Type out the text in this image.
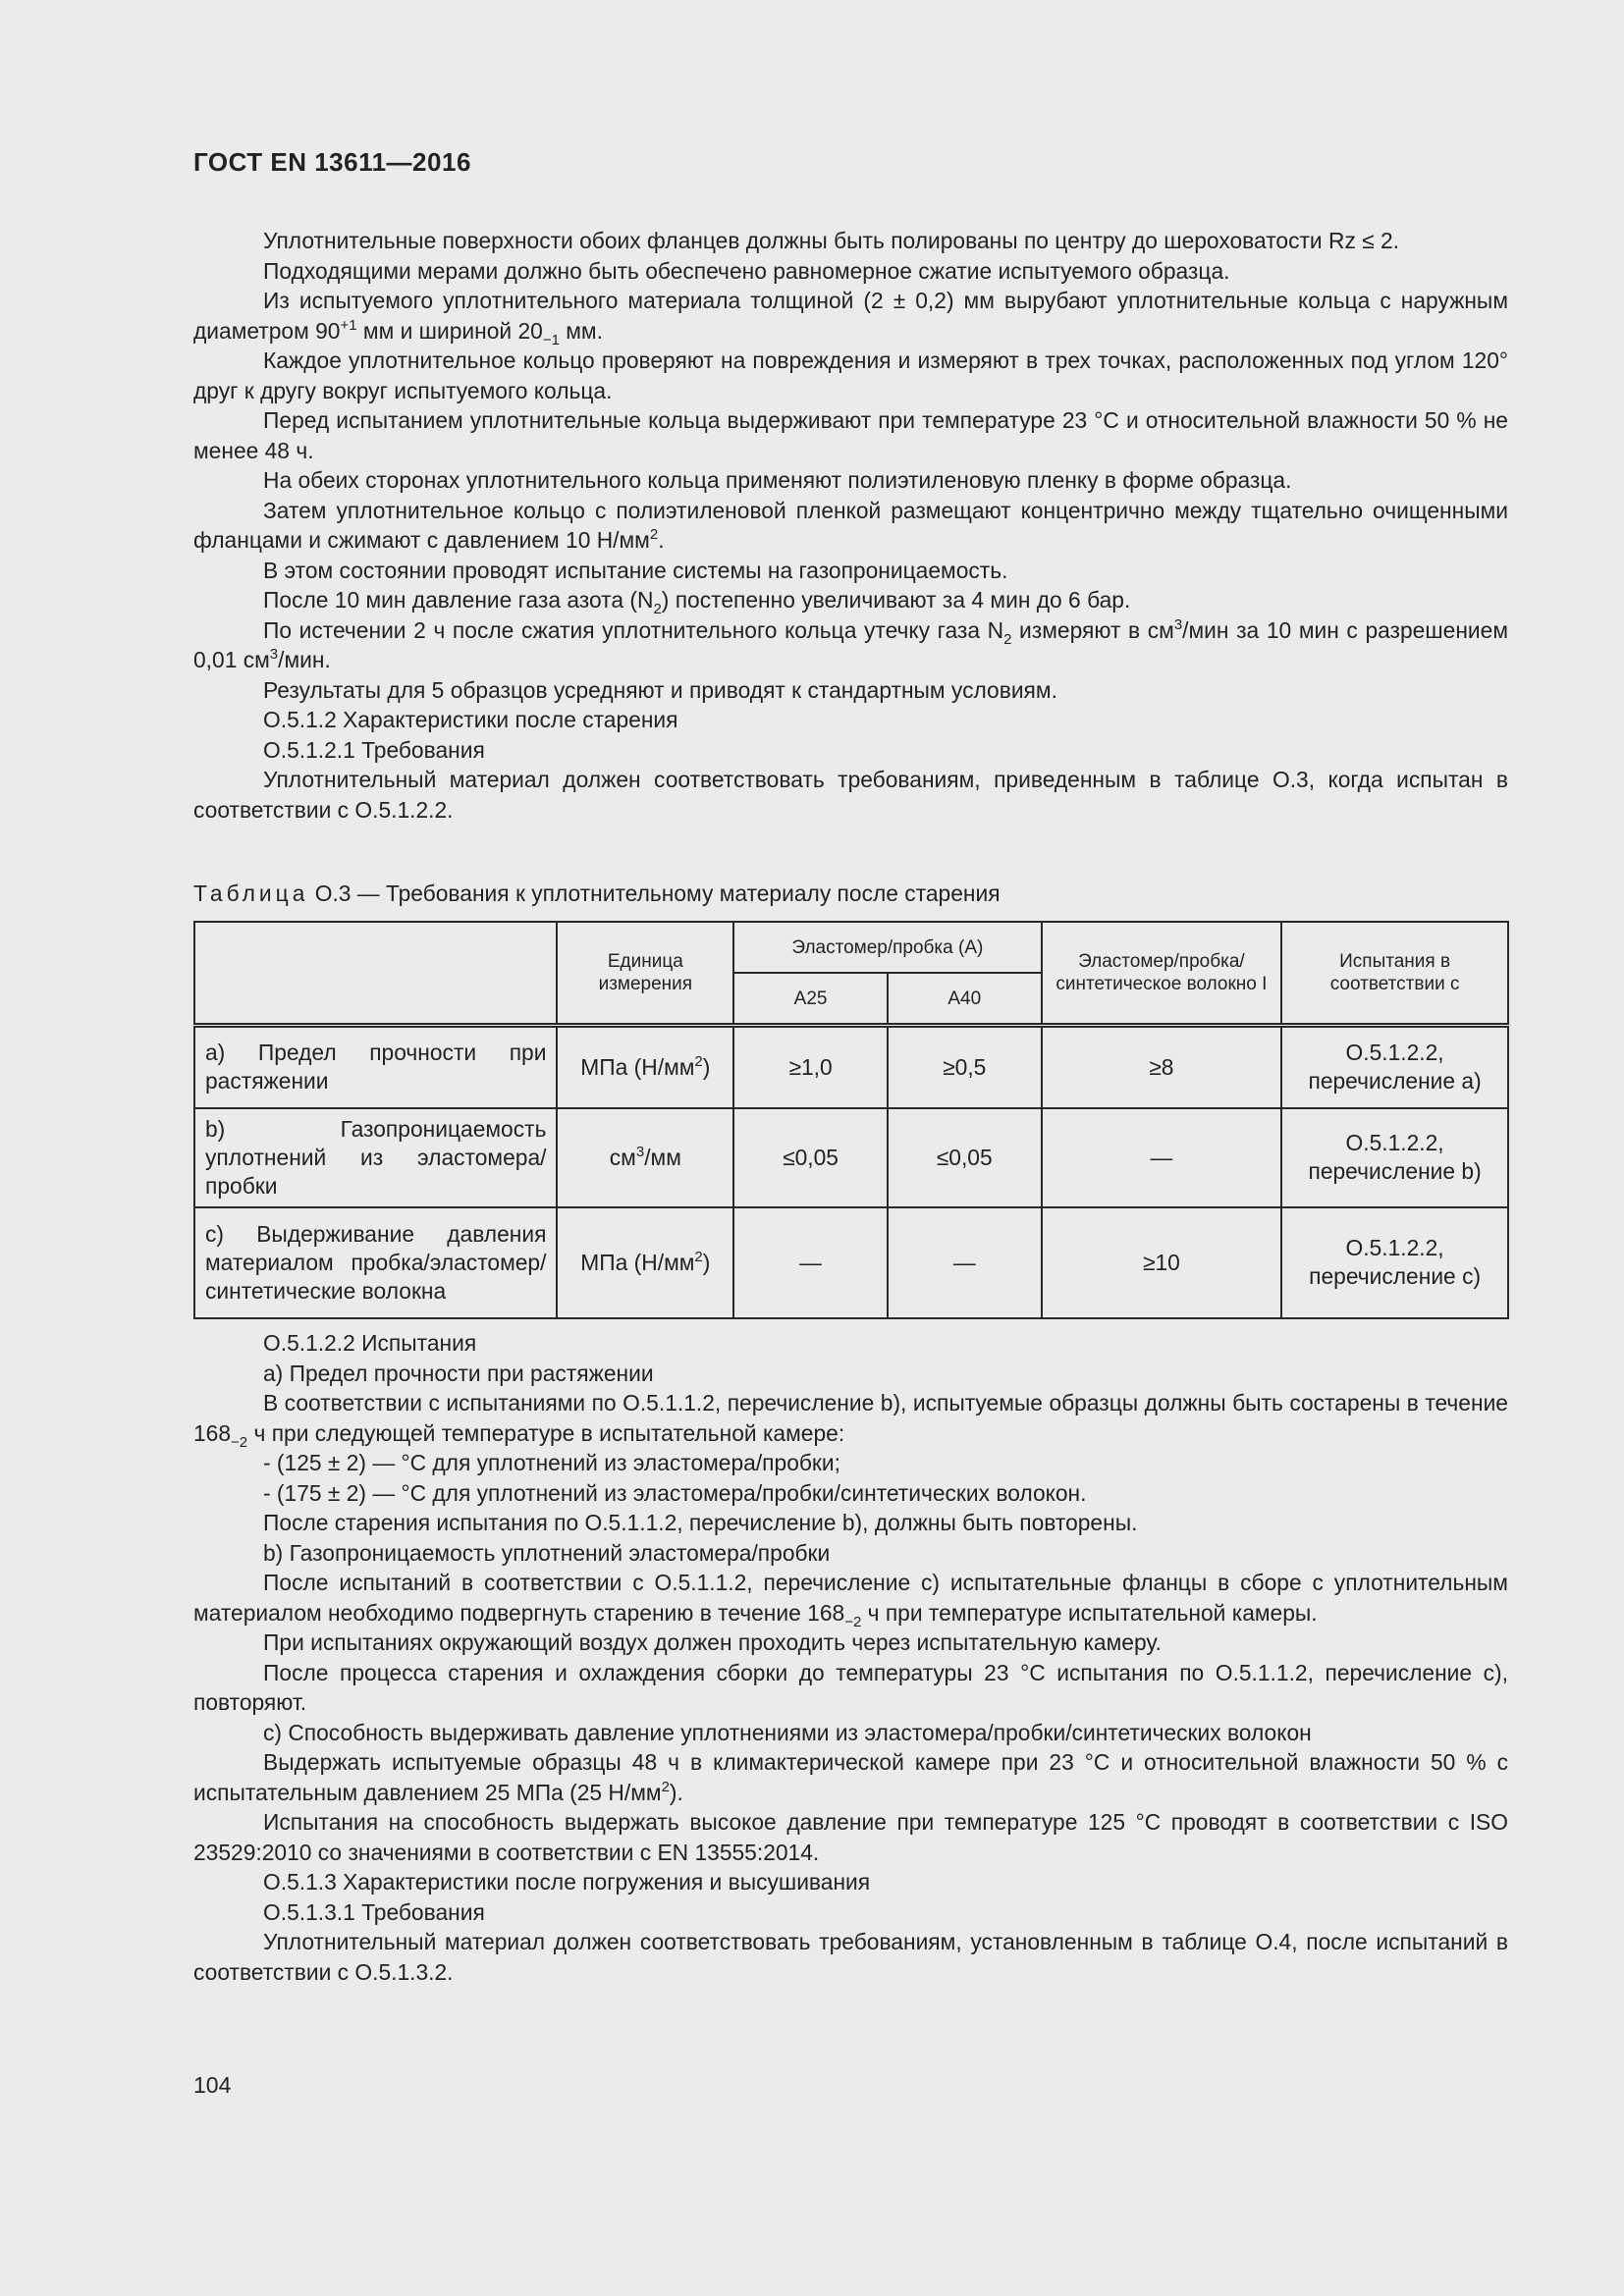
ГОСТ EN 13611—2016

Уплотнительные поверхности обоих фланцев должны быть полированы по центру до шероховатости Rz ≤ 2.

Подходящими мерами должно быть обеспечено равномерное сжатие испытуемого образца.

Из испытуемого уплотнительного материала толщиной (2 ± 0,2) мм вырубают уплотнительные кольца с наружным диаметром $90^{+1}$ мм и шириной $20_{-1}$ мм.

Каждое уплотнительное кольцо проверяют на повреждения и измеряют в трех точках, расположенных под углом 120° друг к другу вокруг испытуемого кольца.

Перед испытанием уплотнительные кольца выдерживают при температуре 23 °С и относительной влажности 50 % не менее 48 ч.

На обеих сторонах уплотнительного кольца применяют полиэтиленовую пленку в форме образца.

Затем уплотнительное кольцо с полиэтиленовой пленкой размещают концентрично между тщательно очищенными фланцами и сжимают с давлением 10 $Н/мм^2$.

В этом состоянии проводят испытание системы на газопроницаемость.

После 10 мин давление газа азота $(N_2)$ постепенно увеличивают за 4 мин до 6 бар.

По истечении 2 ч после сжатия уплотнительного кольца утечку газа $N_2$ измеряют в $см^3$/мин за 10 мин с разрешением 0,01 $см^3$/мин.

Результаты для 5 образцов усредняют и приводят к стандартным условиям.

О.5.1.2 Характеристики после старения

О.5.1.2.1 Требования

Уплотнительный материал должен соответствовать требованиям, приведенным в таблице О.3, когда испытан в соответствии с О.5.1.2.2.

Таблица О.3 — Требования к уплотнительному материалу после старения
	Единица измерения	Эластомер/пробка (А)		Эластомер/пробка/ синтетическое волокно I	Испытания в соответствии с
		А25	А40		
а) Предел прочности при растяжении	МПа $(Н/мм^2)$	≥1,0	≥0,5	≥8	О.5.1.2.2, перечисление а)
b) Газопроницаемость уплотнений из эластомера/пробки	$см^3/мм$	≤0,05	≤0,05	—	О.5.1.2.2, перечисление b)
с) Выдерживание давления материалом пробка/эластомер/синтетические волокна	МПа $(Н/мм^2)$	—	—	≥10	О.5.1.2.2, перечисление с)

О.5.1.2.2 Испытания

а) Предел прочности при растяжении

В соответствии с испытаниями по О.5.1.1.2, перечисление b), испытуемые образцы должны быть состарены в течение $168_{-2}$ ч при следующей температуре в испытательной камере:

- (125 ± 2) — °С для уплотнений из эластомера/пробки;

- (175 ± 2) — °С для уплотнений из эластомера/пробки/синтетических волокон.

После старения испытания по О.5.1.1.2, перечисление b), должны быть повторены.

b) Газопроницаемость уплотнений эластомера/пробки

После испытаний в соответствии с О.5.1.1.2, перечисление с) испытательные фланцы в сборе с уплотнительным материалом необходимо подвергнуть старению в течение $168_{-2}$ ч при температуре испытательной камеры.

При испытаниях окружающий воздух должен проходить через испытательную камеру.

После процесса старения и охлаждения сборки до температуры 23 °С испытания по О.5.1.1.2, перечисление с), повторяют.

с) Способность выдерживать давление уплотнениями из эластомера/пробки/синтетических волокон

Выдержать испытуемые образцы 48 ч в климактерической камере при 23 °С и относительной влажности 50 % с испытательным давлением 25 МПа (25 $Н/мм^2$).

Испытания на способность выдержать высокое давление при температуре 125 °С проводят в соответствии с ISO 23529:2010 со значениями в соответствии с EN 13555:2014.

О.5.1.3 Характеристики после погружения и высушивания

О.5.1.3.1 Требования

Уплотнительный материал должен соответствовать требованиям, установленным в таблице О.4, после испытаний в соответствии с О.5.1.3.2.

104
